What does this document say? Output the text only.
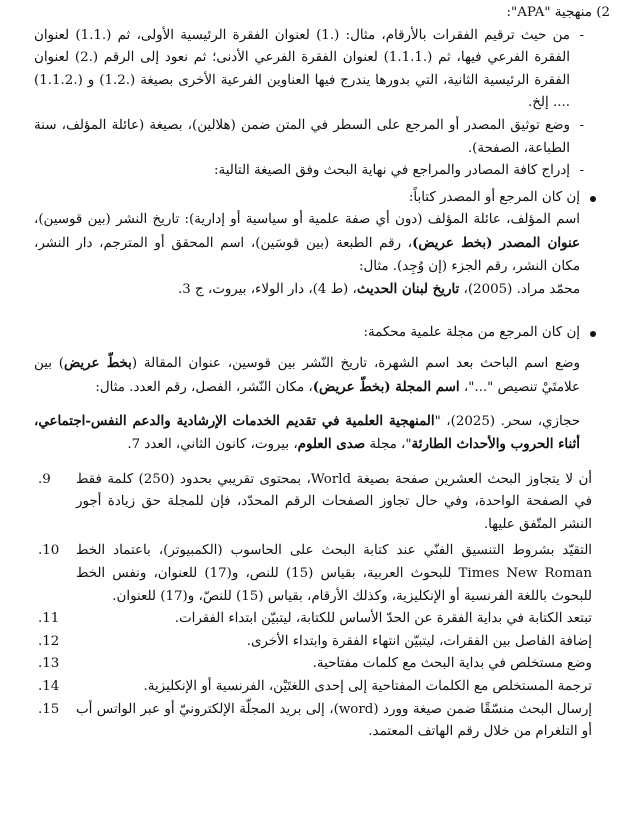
2) منهجية "APA":
-
من حيث ترقيم الفقرات بالأرقام، مثال: (.1) لعنوان الفقرة الرئيسية الأولى، ثم (.1.1) لعنوان الفقرة الفرعي فيها، ثم (.1.1.1) لعنوان الفقرة الفرعي الأدنى؛ ثم نعود إلى الرقم (.2) لعنوان الفقرة الرئيسية الثانية، التي بدورها يندرج فيها العناوين الفرعية الأخرى بصيغة (.1.2) و (.1.1.2) .... إلخ.
-
وضع توثيق المصدر أو المرجع على السطر في المتن ضمن (هلالين)، بصيغة (عائلة المؤلف، سنة الطباعة، الصفحة).
-
إدراج كافة المصادر والمراجع في نهاية البحث وفق الصيغة التالية:
إن كان المرجع أو المصدر كتاباً:
اسم المؤلف، عائلة المؤلف (دون أي صفة علمية أو سياسية أو إدارية): تاريخ النشر (بين قوسين)، عنوان المصدر (بخط عريض)، رقم الطبعة (بين قوسَين)، اسم المحقق أو المترجم، دار النشر، مكان النشر، رقم الجزء (إن وُجِد). مثال:
محمّد مراد. (2005)، تاريخ لبنان الحديث، (ط 4)، دار الولاء، بيروت، ج 3.
إن كان المرجع من مجلة علمية محكمة:
وضع اسم الباحث بعد اسم الشهرة، تاريخ النّشر بين قوسين، عنوان المقالة (بخطّ عريض) بين علامتَيْ تنصيص "..."، اسم المجلة (بخطّ عريض)، مكان النّشر، الفصل، رقم العدد. مثال:
حجازي، سحر. (2025)، "المنهجية العلمية في تقديم الخدمات الإرشادية والدعم النفس-اجتماعي، أثناء الحروب والأحداث الطارئة"، مجلة صدى العلوم، بيروت، كانون الثاني، العدد 7.
.9 أن لا يتجاوز البحث العشرين صفحة بصيغة World، بمحتوى تقريبي بحدود (250) كلمة فقط في الصفحة الواحدة، وفي حال تجاوز الصفحات الرقم المحدّد، فإن للمجلة حق زيادة أجور النشر المتّفق عليها.
.10 التقيّد بشروط التنسيق الفنّي عند كتابة البحث على الحاسوب (الكمبيوتر)، باعتماد الخط Times New Roman للبحوث العربية، بقياس (15) للنص، و(17) للعنوان، ونفس الخط للبحوث باللغة الفرنسية أو الإنكليزية، وكذلك الأرقام، بقياس (15) للنصّ، و(17) للعنوان.
.11	تبتعد الكتابة في بداية الفقرة عن الحدّ الأساس للكتابة، ليتبيّن ابتداء الفقرات.
.12	إضافة الفاصل بين الفقرات، ليتبيّن انتهاء الفقرة وابتداء الأخرى.
.13	وضع مستخلص في بداية البحث مع كلمات مفتاحية.
.14	ترجمة المستخلص مع الكلمات المفتاحية إلى إحدى اللغتَيْن، الفرنسية أو الإنكليزية.
.15 إرسال البحث منسّقًا ضمن صيغة وورد (word)، إلى بريد المجلّة الإلكترونيّ أو عبر الواتس أب أو التلغرام من خلال رقم الهاتف المعتمد.
